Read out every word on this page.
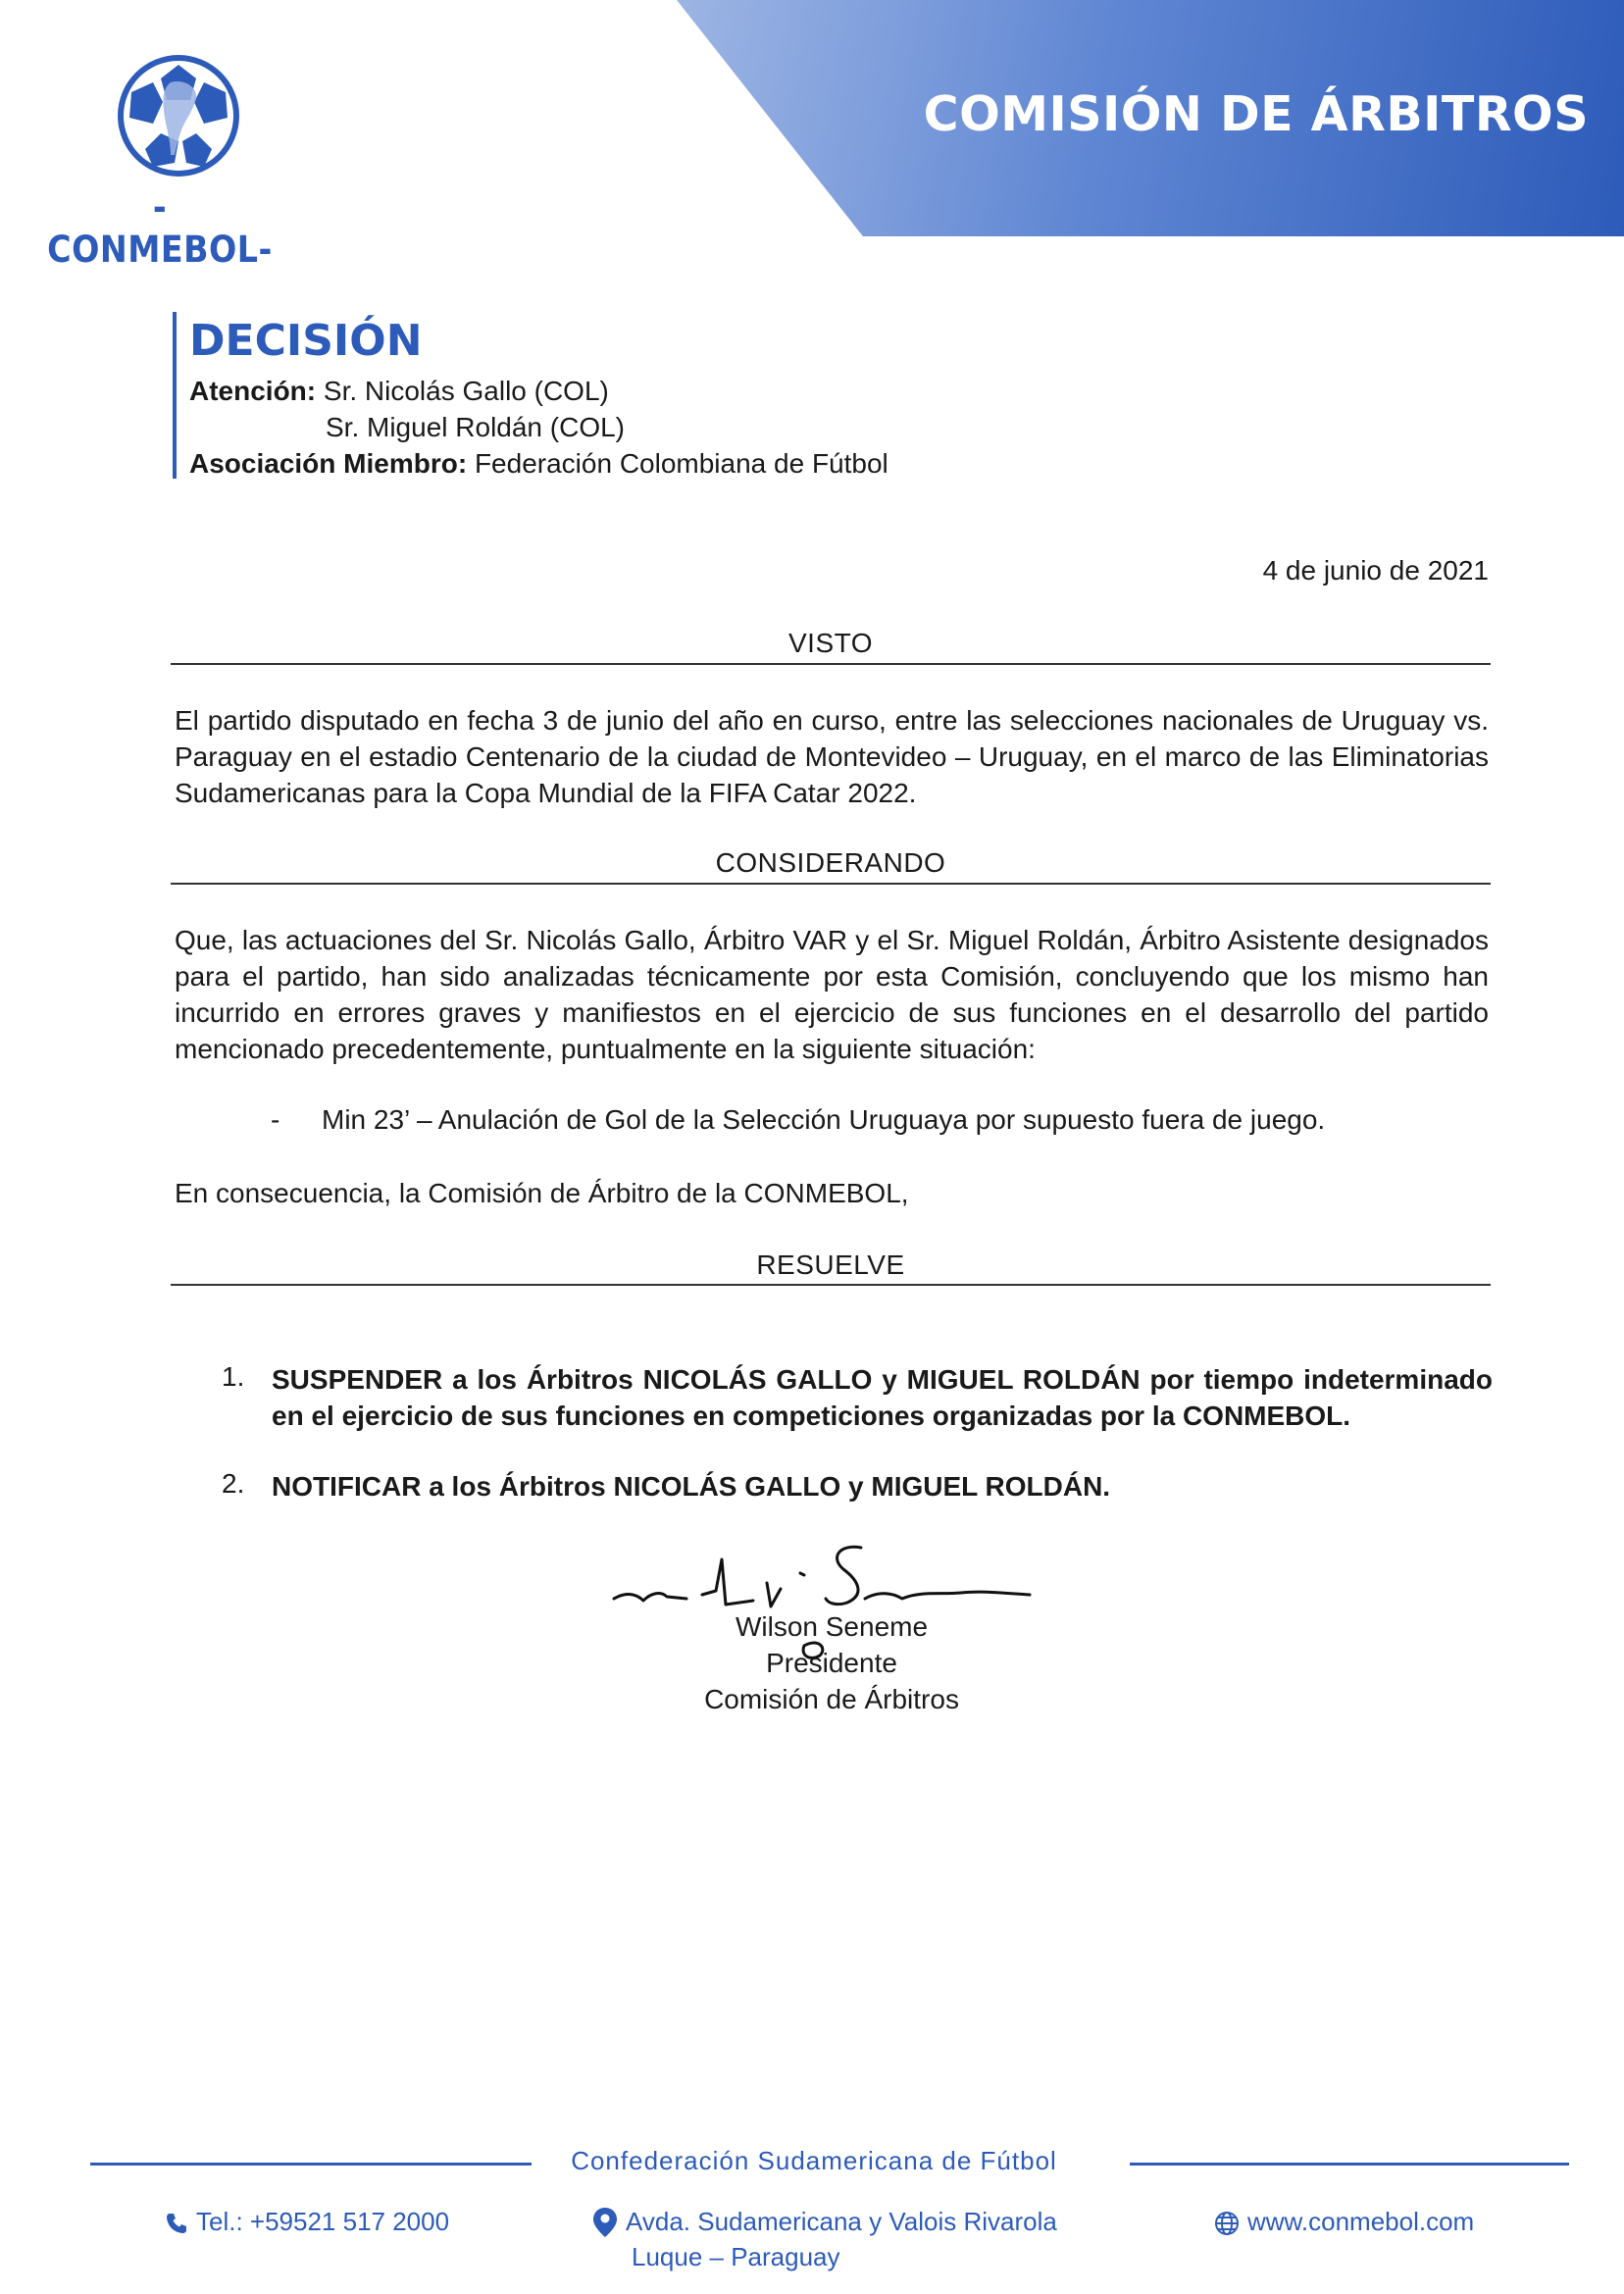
COMISIÓN DE ÁRBITROS
-CONMEBOL-
DECISIÓN
Atención: Sr. Nicolás Gallo (COL)
Sr. Miguel Roldán (COL)
Asociación Miembro: Federación Colombiana de Fútbol
4 de junio de 2021
VISTO
El partido disputado en fecha 3 de junio del año en curso, entre las selecciones nacionales de Uruguay vs. Paraguay en el estadio Centenario de la ciudad de Montevideo – Uruguay, en el marco de las Eliminatorias Sudamericanas para la Copa Mundial de la FIFA Catar 2022.
CONSIDERANDO
Que, las actuaciones del Sr. Nicolás Gallo, Árbitro VAR y el Sr. Miguel Roldán, Árbitro Asistente designados para el partido, han sido analizadas técnicamente por esta Comisión, concluyendo que los mismo han incurrido en errores graves y manifiestos en el ejercicio de sus funciones en el desarrollo del partido mencionado precedentemente, puntualmente en la siguiente situación:
- Min 23’ – Anulación de Gol de la Selección Uruguaya por supuesto fuera de juego.
En consecuencia, la Comisión de Árbitro de la CONMEBOL,
RESUELVE
1. SUSPENDER a los Árbitros NICOLÁS GALLO y MIGUEL ROLDÁN por tiempo indeterminado en el ejercicio de sus funciones en competiciones organizadas por la CONMEBOL.
2. NOTIFICAR a los Árbitros NICOLÁS GALLO y MIGUEL ROLDÁN.
Wilson Seneme
Presidente
Comisión de Árbitros
Confederación Sudamericana de Fútbol
Tel.: +59521 517 2000	Avda. Sudamericana y Valois Rivarola
Luque – Paraguay
www.conmebol.com
